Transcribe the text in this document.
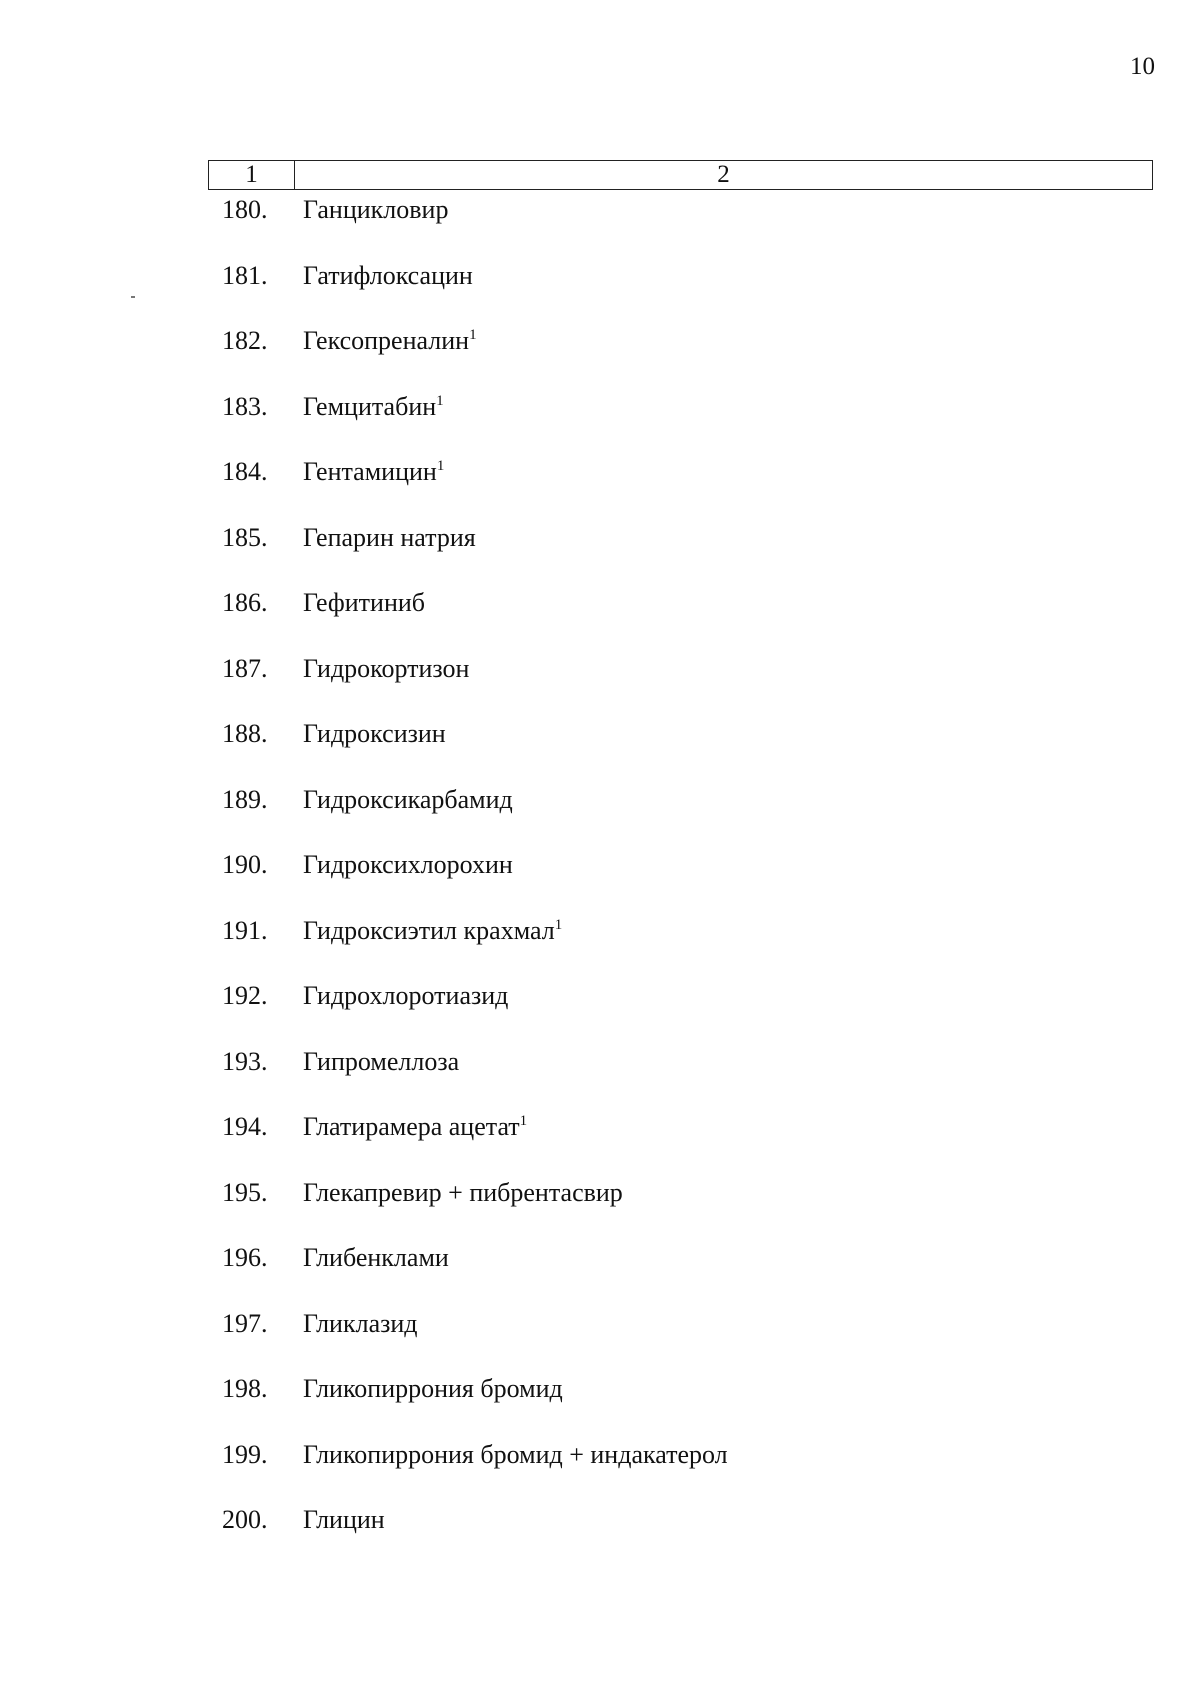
10
1	2
180. Ганцикловир
181. Гатифлоксацин
182. Гексопреналин$^1$
183. Гемцитабин$^1$
184. Гентамицин$^1$
185. Гепарин натрия
186. Гефитиниб
187. Гидрокортизон
188. Гидроксизин
189. Гидроксикарбамид
190. Гидроксихлорохин
191. Гидроксиэтил крахмал$^1$
192. Гидрохлоротиазид
193. Гипромеллоза
194. Глатирамера ацетат$^1$
195. Глекапревир + пибрентасвир
196. Глибенклами
197. Гликлазид
198. Гликопиррония бромид
199. Гликопиррония бромид + индакатерол
200. Глицин
